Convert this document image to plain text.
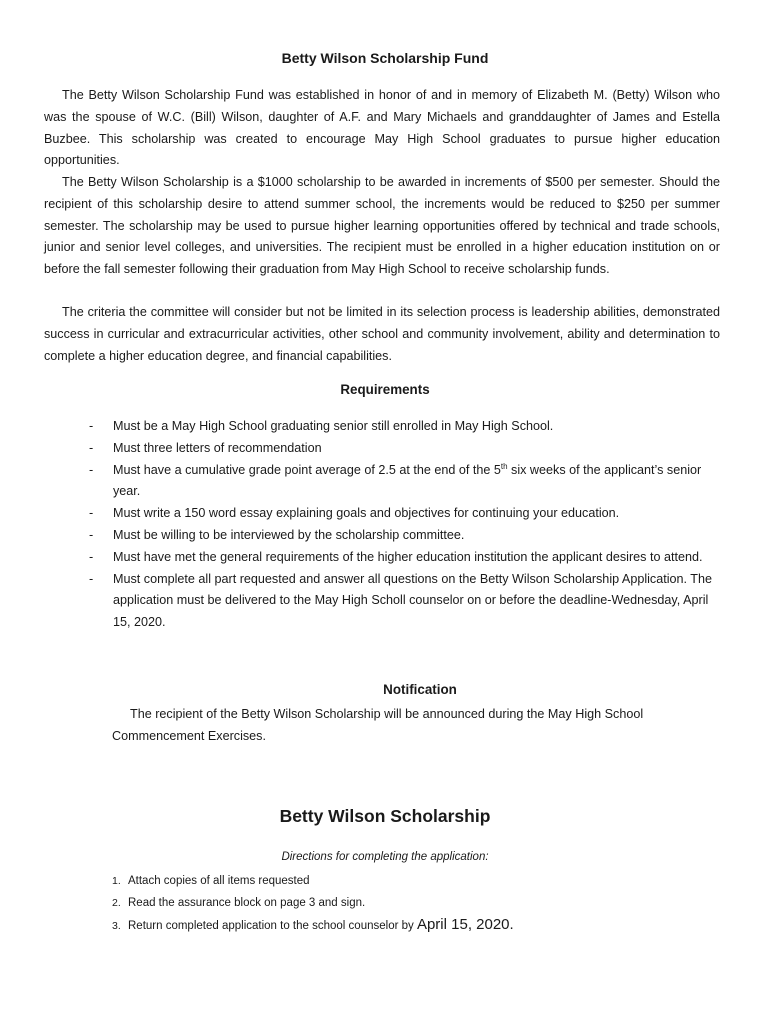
Betty Wilson Scholarship Fund

The Betty Wilson Scholarship Fund was established in honor of and in memory of Elizabeth M. (Betty) Wilson who was the spouse of W.C. (Bill) Wilson, daughter of A.F. and Mary Michaels and granddaughter of James and Estella Buzbee. This scholarship was created to encourage May High School graduates to pursue higher education opportunities.

The Betty Wilson Scholarship is a $1000 scholarship to be awarded in increments of $500 per semester. Should the recipient of this scholarship desire to attend summer school, the increments would be reduced to $250 per summer semester. The scholarship may be used to pursue higher learning opportunities offered by technical and trade schools, junior and senior level colleges, and universities. The recipient must be enrolled in a higher education institution on or before the fall semester following their graduation from May High School to receive scholarship funds.

The criteria the committee will consider but not be limited in its selection process is leadership abilities, demonstrated success in curricular and extracurricular activities, other school and community involvement, ability and determination to complete a higher education degree, and financial capabilities.

Requirements
- Must be a May High School graduating senior still enrolled in May High School.
- Must three letters of recommendation
- Must have a cumulative grade point average of 2.5 at the end of the 5th six weeks of the applicant’s senior year.
- Must write a 150 word essay explaining goals and objectives for continuing your education.
- Must be willing to be interviewed by the scholarship committee.
- Must have met the general requirements of the higher education institution the applicant desires to attend.
- Must complete all part requested and answer all questions on the Betty Wilson Scholarship Application. The application must be delivered to the May High Scholl counselor on or before the deadline-Wednesday, April 15, 2020.
Notification

The recipient of the Betty Wilson Scholarship will be announced during the May High School Commencement Exercises.

Betty Wilson Scholarship
Directions for completing the application:
1. Attach copies of all items requested
2. Read the assurance block on page 3 and sign.
3. Return completed application to the school counselor by April 15, 2020.
